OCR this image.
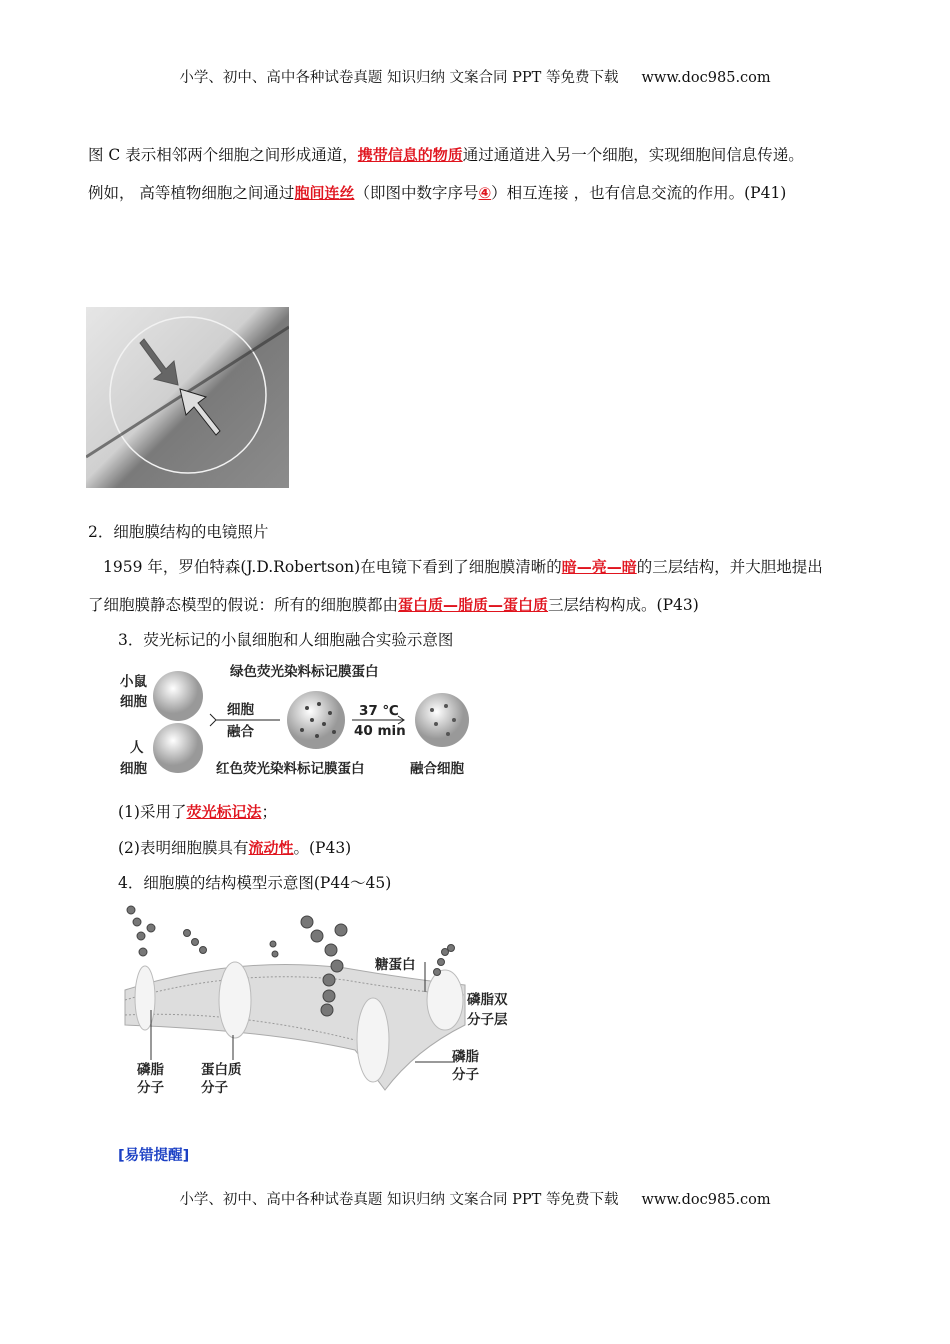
小学、初中、高中各种试卷真题 知识归纳 文案合同 PPT 等免费下载 www.doc985.com
图 C 表示相邻两个细胞之间形成通道，携带信息的物质通过通道进入另一个细胞，实现细胞间信息传递。
例如， 高等植物细胞之间通过胞间连丝（即图中数字序号④）相互连接 ，也有信息交流的作用。(P41)
2．细胞膜结构的电镜照片
1959 年，罗伯特森(J.D.Robertson)在电镜下看到了细胞膜清晰的暗—亮—暗的三层结构，并大胆地提出
了细胞膜静态模型的假说：所有的细胞膜都由蛋白质—脂质—蛋白质三层结构构成。(P43)
3．荧光标记的小鼠细胞和人细胞融合实验示意图
小鼠
细胞
人
细胞
细胞
融合
绿色荧光染料标记膜蛋白
红色荧光染料标记膜蛋白
37 ℃
40 min
融合细胞
(1)采用了荧光标记法；
(2)表明细胞膜具有流动性。(P43)
4．细胞膜的结构模型示意图(P44～45)
糖蛋白
磷脂双
分子层
磷脂
分子
蛋白质
分子
磷脂
分子
[易错提醒]
小学、初中、高中各种试卷真题 知识归纳 文案合同 PPT 等免费下载 www.doc985.com
